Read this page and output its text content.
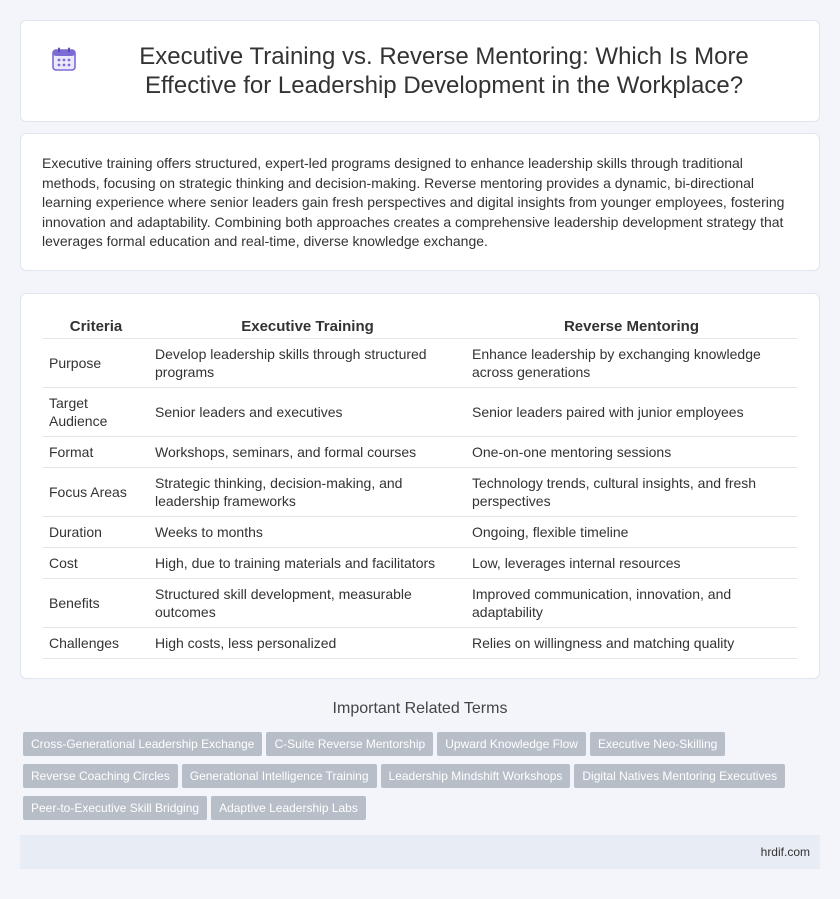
Executive Training vs. Reverse Mentoring: Which Is More Effective for Leadership Development in the Workplace?

Executive training offers structured, expert-led programs designed to enhance leadership skills through traditional methods, focusing on strategic thinking and decision-making. Reverse mentoring provides a dynamic, bi-directional learning experience where senior leaders gain fresh perspectives and digital insights from younger employees, fostering innovation and adaptability. Combining both approaches creates a comprehensive leadership development strategy that leverages formal education and real-time, diverse knowledge exchange.

Criteria	Executive Training	Reverse Mentoring
Purpose	Develop leadership skills through structured programs	Enhance leadership by exchanging knowledge across generations
Target Audience	Senior leaders and executives	Senior leaders paired with junior employees
Format	Workshops, seminars, and formal courses	One-on-one mentoring sessions
Focus Areas	Strategic thinking, decision-making, and leadership frameworks	Technology trends, cultural insights, and fresh perspectives
Duration	Weeks to months	Ongoing, flexible timeline
Cost	High, due to training materials and facilitators	Low, leverages internal resources
Benefits	Structured skill development, measurable outcomes	Improved communication, innovation, and adaptability
Challenges	High costs, less personalized	Relies on willingness and matching quality
Important Related Terms
Cross-Generational Leadership Exchange C-Suite Reverse Mentorship Upward Knowledge Flow Executive Neo-Skilling
Reverse Coaching Circles Generational Intelligence Training Leadership Mindshift Workshops Digital Natives Mentoring Executives
Peer-to-Executive Skill Bridging Adaptive Leadership Labs
hrdif.com
